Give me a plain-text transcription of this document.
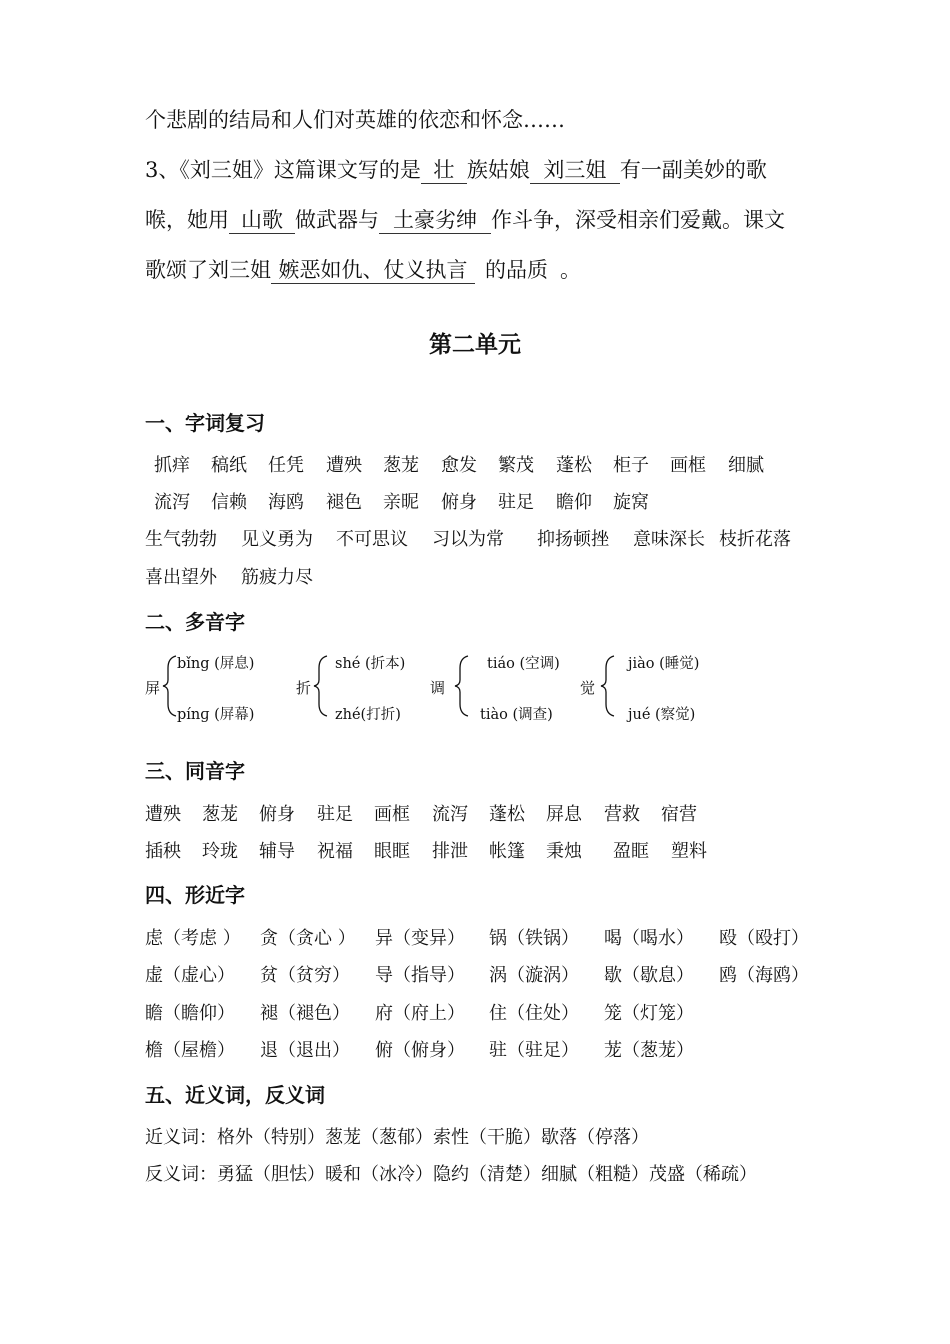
个悲剧的结局和人们对英雄的依恋和怀念……
3、《刘三姐》这篇课文写的是 壮 族姑娘 刘三姐 有一副美妙的歌
喉，她用 山歌 做武器与 土豪劣绅 作斗争，深受相亲们爱戴。课文
歌颂了刘三姐 嫉恶如仇、仗义执言 的品质 。
第二单元
一、字词复习
抓痒 稿纸 任凭 遭殃 葱茏 愈发 繁茂 蓬松 柜子 画框 细腻
流泻 信赖 海鸥 褪色 亲昵 俯身 驻足 瞻仰 旋窝
生气勃勃 见义勇为 不可思议 习以为常 抑扬顿挫 意味深长 枝折花落
喜出望外 筋疲力尽
二、多音字
屏
bǐng (屏息)
pínɡ (屏幕)
折
shé (折本)
zhé(打折)
调
tiáo (空调)
tiào (调查)
觉
jiào (睡觉)
jué (察觉)
三、同音字
遭殃 葱茏 俯身 驻足 画框 流泻 蓬松 屏息 营救 宿营
插秧 玲珑 辅导 祝福 眼眶 排泄 帐篷 秉烛 盈眶 塑料
四、形近字
虑（考虑 ） 贪（贪心 ） 异（变异） 锅（铁锅） 喝（喝水） 殴（殴打）
虚（虚心） 贫（贫穷） 导（指导） 涡（漩涡） 歇（歇息） 鸥（海鸥）
瞻（瞻仰） 褪（褪色） 府（府上） 住（住处） 笼（灯笼）
檐（屋檐） 退（退出） 俯（俯身） 驻（驻足） 茏（葱茏）
五、近义词，反义词
近义词：格外（特别）葱茏（葱郁）索性（干脆）歇落（停落）
反义词：勇猛（胆怯）暖和（冰冷）隐约（清楚）细腻（粗糙）茂盛（稀疏）
